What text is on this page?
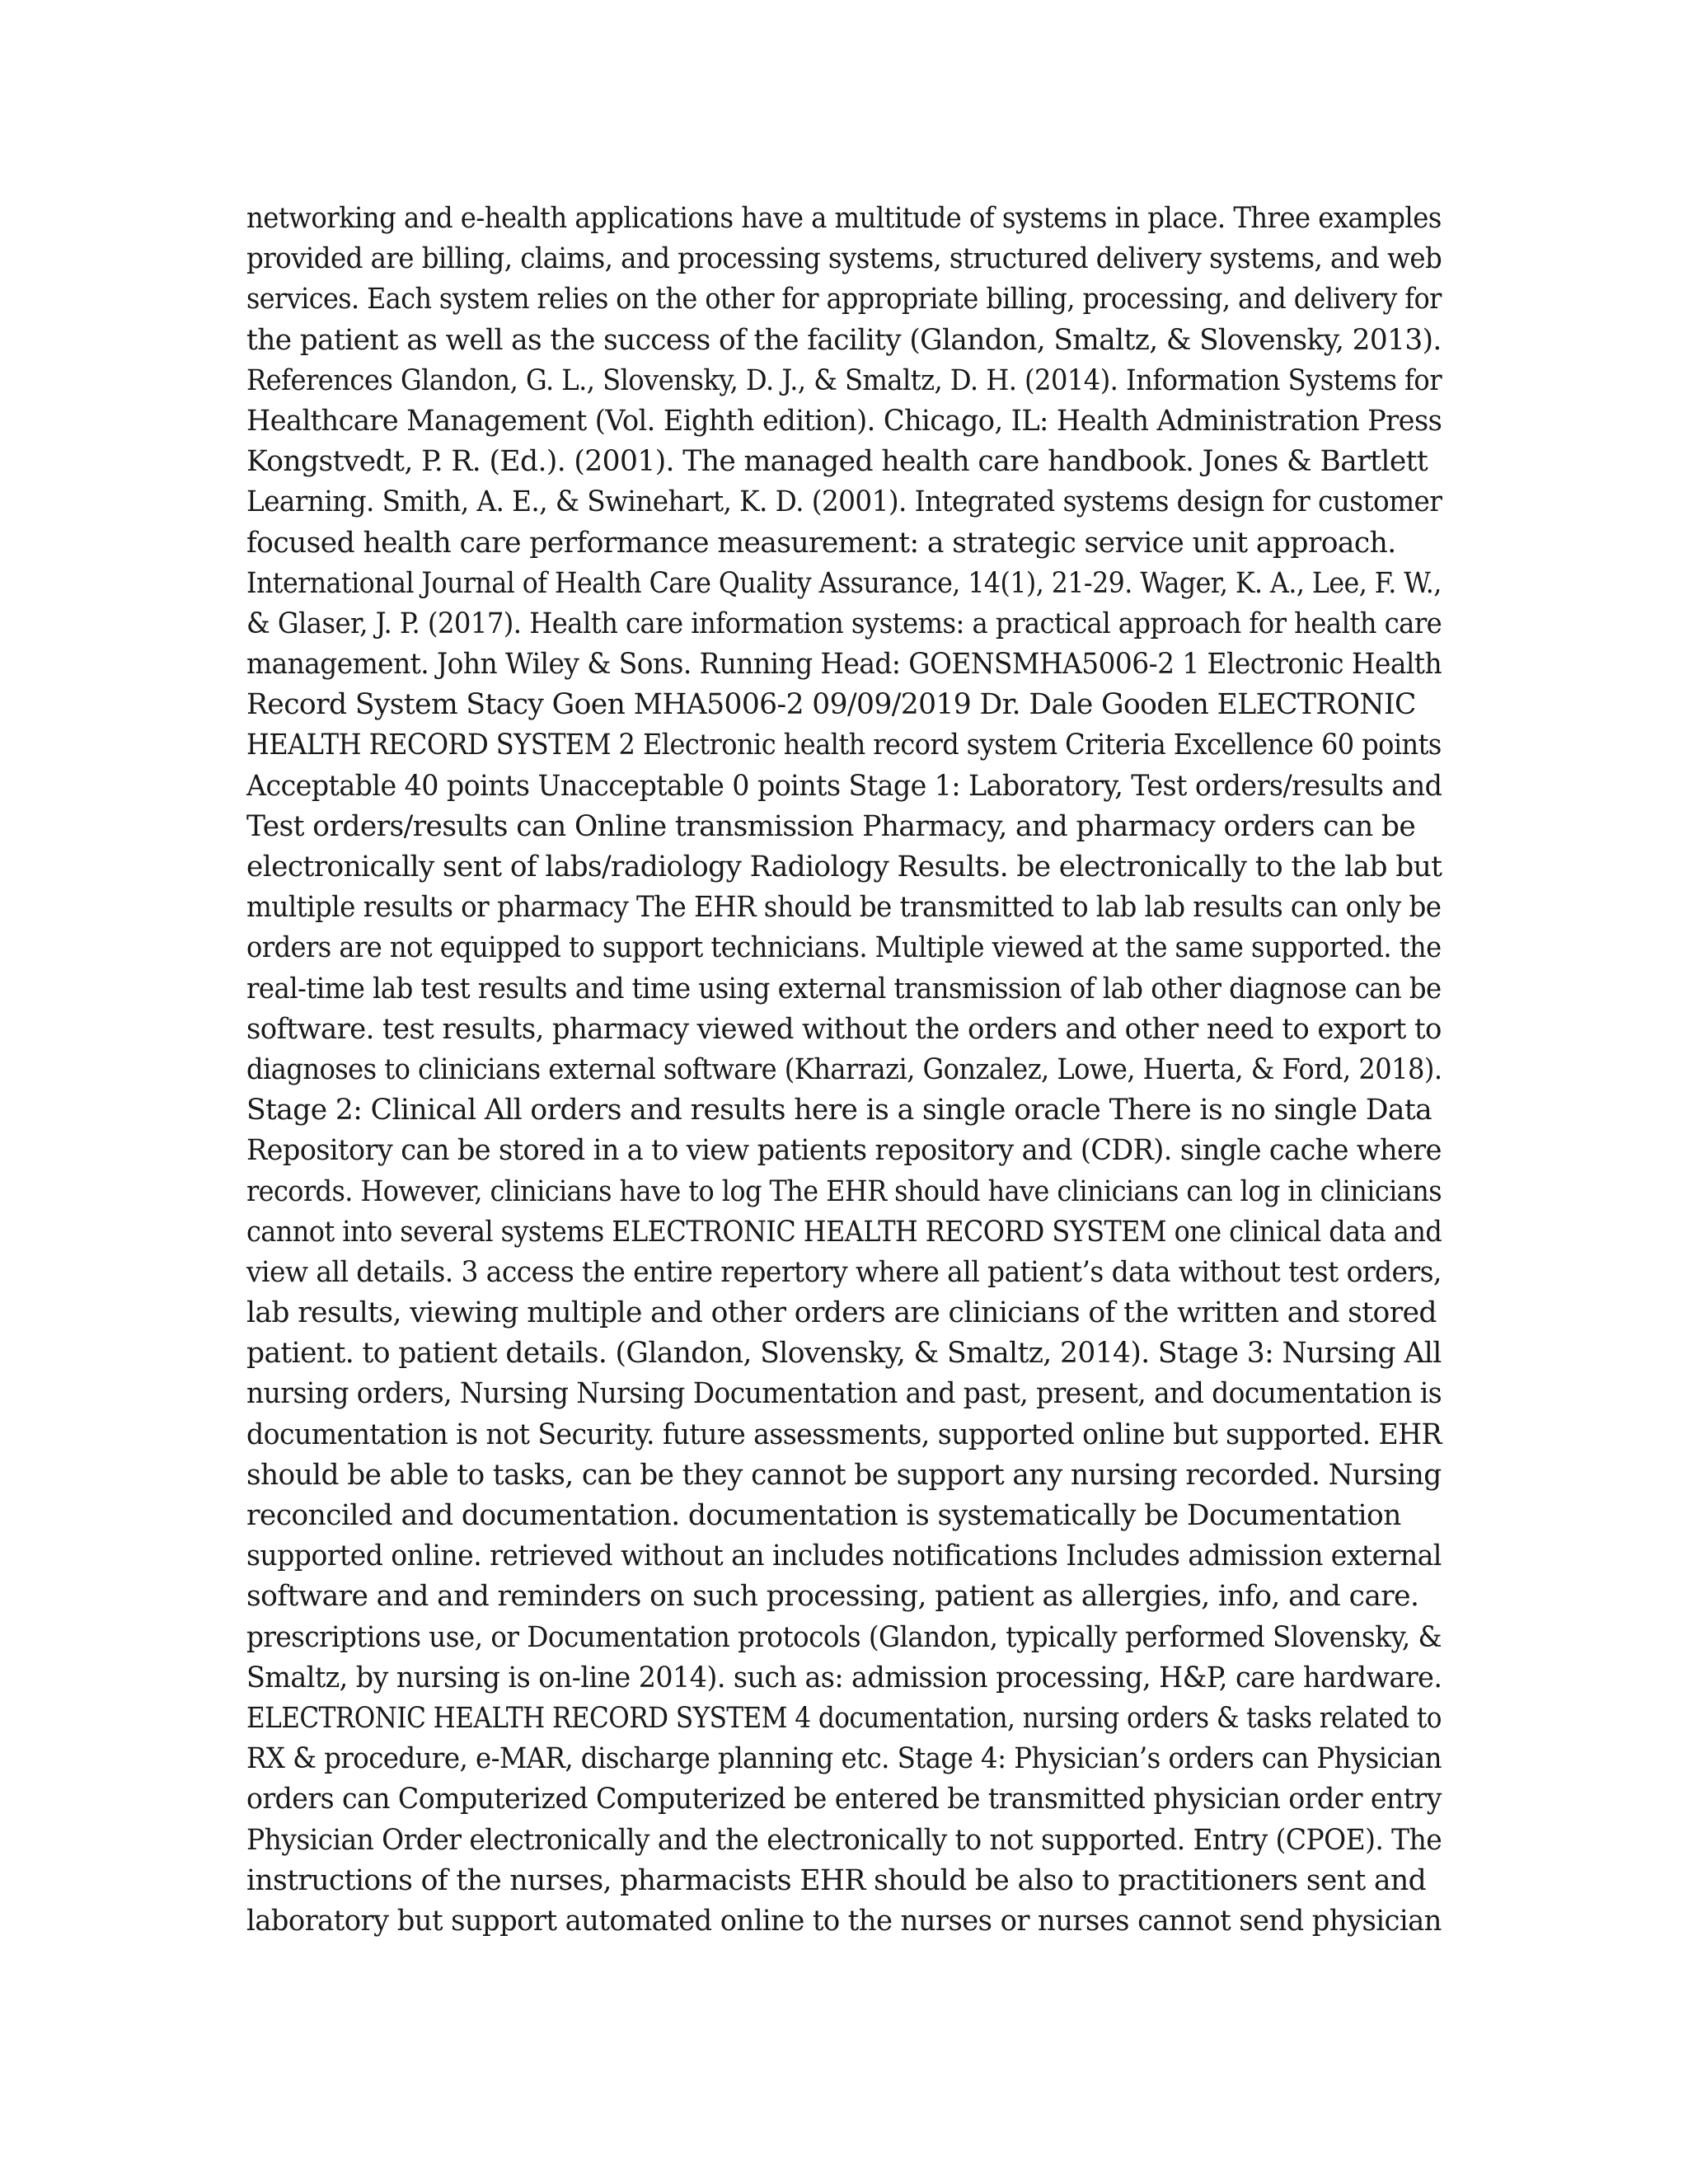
networking and e-health applications have a multitude of systems in place. Three examples
provided are billing, claims, and processing systems, structured delivery systems, and web
services. Each system relies on the other for appropriate billing, processing, and delivery for
the patient as well as the success of the facility (Glandon, Smaltz, & Slovensky, 2013).
References Glandon, G. L., Slovensky, D. J., & Smaltz, D. H. (2014). Information Systems for
Healthcare Management (Vol. Eighth edition). Chicago, IL: Health Administration Press
Kongstvedt, P. R. (Ed.). (2001). The managed health care handbook. Jones & Bartlett
Learning. Smith, A. E., & Swinehart, K. D. (2001). Integrated systems design for customer
focused health care performance measurement: a strategic service unit approach.
International Journal of Health Care Quality Assurance, 14(1), 21-29. Wager, K. A., Lee, F. W.,
& Glaser, J. P. (2017). Health care information systems: a practical approach for health care
management. John Wiley & Sons. Running Head: GOENSMHA5006-2 1 Electronic Health
Record System Stacy Goen MHA5006-2 09/09/2019 Dr. Dale Gooden ELECTRONIC
HEALTH RECORD SYSTEM 2 Electronic health record system Criteria Excellence 60 points
Acceptable 40 points Unacceptable 0 points Stage 1: Laboratory, Test orders/results and
Test orders/results can Online transmission Pharmacy, and pharmacy orders can be
electronically sent of labs/radiology Radiology Results. be electronically to the lab but
multiple results or pharmacy The EHR should be transmitted to lab lab results can only be
orders are not equipped to support technicians. Multiple viewed at the same supported. the
real-time lab test results and time using external transmission of lab other diagnose can be
software. test results, pharmacy viewed without the orders and other need to export to
diagnoses to clinicians external software (Kharrazi, Gonzalez, Lowe, Huerta, & Ford, 2018).
Stage 2: Clinical All orders and results here is a single oracle There is no single Data
Repository can be stored in a to view patients repository and (CDR). single cache where
records. However, clinicians have to log The EHR should have clinicians can log in clinicians
cannot into several systems ELECTRONIC HEALTH RECORD SYSTEM one clinical data and
view all details. 3 access the entire repertory where all patient’s data without test orders,
lab results, viewing multiple and other orders are clinicians of the written and stored
patient. to patient details. (Glandon, Slovensky, & Smaltz, 2014). Stage 3: Nursing All
nursing orders, Nursing Nursing Documentation and past, present, and documentation is
documentation is not Security. future assessments, supported online but supported. EHR
should be able to tasks, can be they cannot be support any nursing recorded. Nursing
reconciled and documentation. documentation is systematically be Documentation
supported online. retrieved without an includes notifications Includes admission external
software and and reminders on such processing, patient as allergies, info, and care.
prescriptions use, or Documentation protocols (Glandon, typically performed Slovensky, &
Smaltz, by nursing is on-line 2014). such as: admission processing, H&P, care hardware.
ELECTRONIC HEALTH RECORD SYSTEM 4 documentation, nursing orders & tasks related to
RX & procedure, e-MAR, discharge planning etc. Stage 4: Physician’s orders can Physician
orders can Computerized Computerized be entered be transmitted physician order entry
Physician Order electronically and the electronically to not supported. Entry (CPOE). The
instructions of the nurses, pharmacists EHR should be also to practitioners sent and
laboratory but support automated online to the nurses or nurses cannot send physician
